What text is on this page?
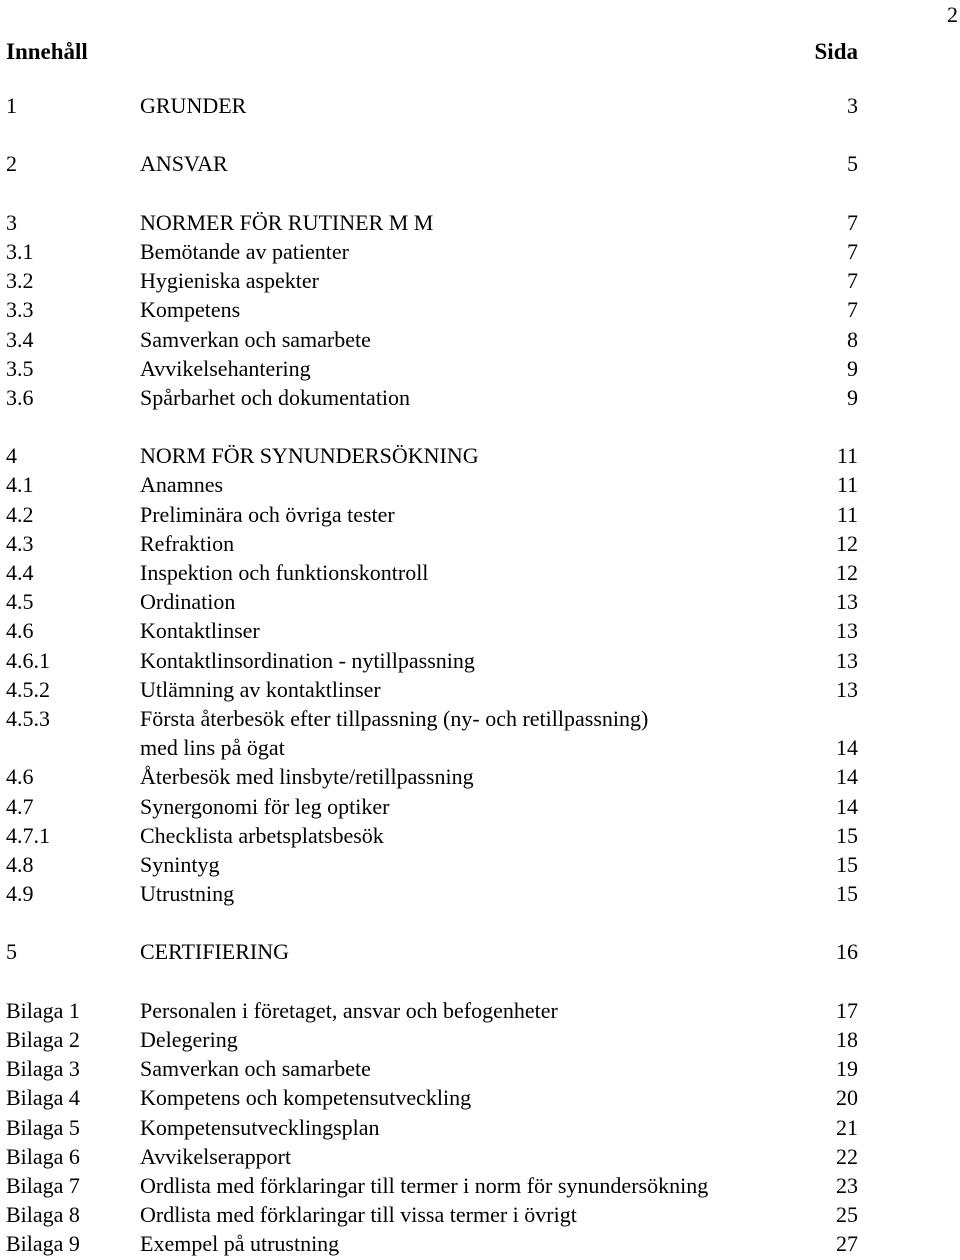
2
Innehåll	Sida
1	GRUNDER	3
2	ANSVAR	5
3	NORMER FÖR RUTINER M M	7
3.1	Bemötande av patienter	7
3.2	Hygieniska aspekter	7
3.3	Kompetens	7
3.4	Samverkan och samarbete	8
3.5	Avvikelsehantering	9
3.6	Spårbarhet och dokumentation	9
4	NORM FÖR SYNUNDERSÖKNING	11
4.1	Anamnes	11
4.2	Preliminära och övriga tester	11
4.3	Refraktion	12
4.4	Inspektion och funktionskontroll	12
4.5	Ordination	13
4.6	Kontaktlinser	13
4.6.1	Kontaktlinsordination - nytillpassning	13
4.5.2	Utlämning av kontaktlinser	13
4.5.3	Första återbesök efter tillpassning (ny- och retillpassning)
med lins på ögat	14
4.6	Återbesök med linsbyte/retillpassning	14
4.7	Synergonomi för leg optiker	14
4.7.1	Checklista arbetsplatsbesök	15
4.8	Synintyg	15
4.9	Utrustning	15
5	CERTIFIERING	16
Bilaga 1	Personalen i företaget, ansvar och befogenheter	17
Bilaga 2	Delegering	18
Bilaga 3	Samverkan och samarbete	19
Bilaga 4	Kompetens och kompetensutveckling	20
Bilaga 5	Kompetensutvecklingsplan	21
Bilaga 6	Avvikelserapport	22
Bilaga 7	Ordlista med förklaringar till termer i norm för synundersökning	23
Bilaga 8	Ordlista med förklaringar till vissa termer i övrigt	25
Bilaga 9	Exempel på utrustning	27
